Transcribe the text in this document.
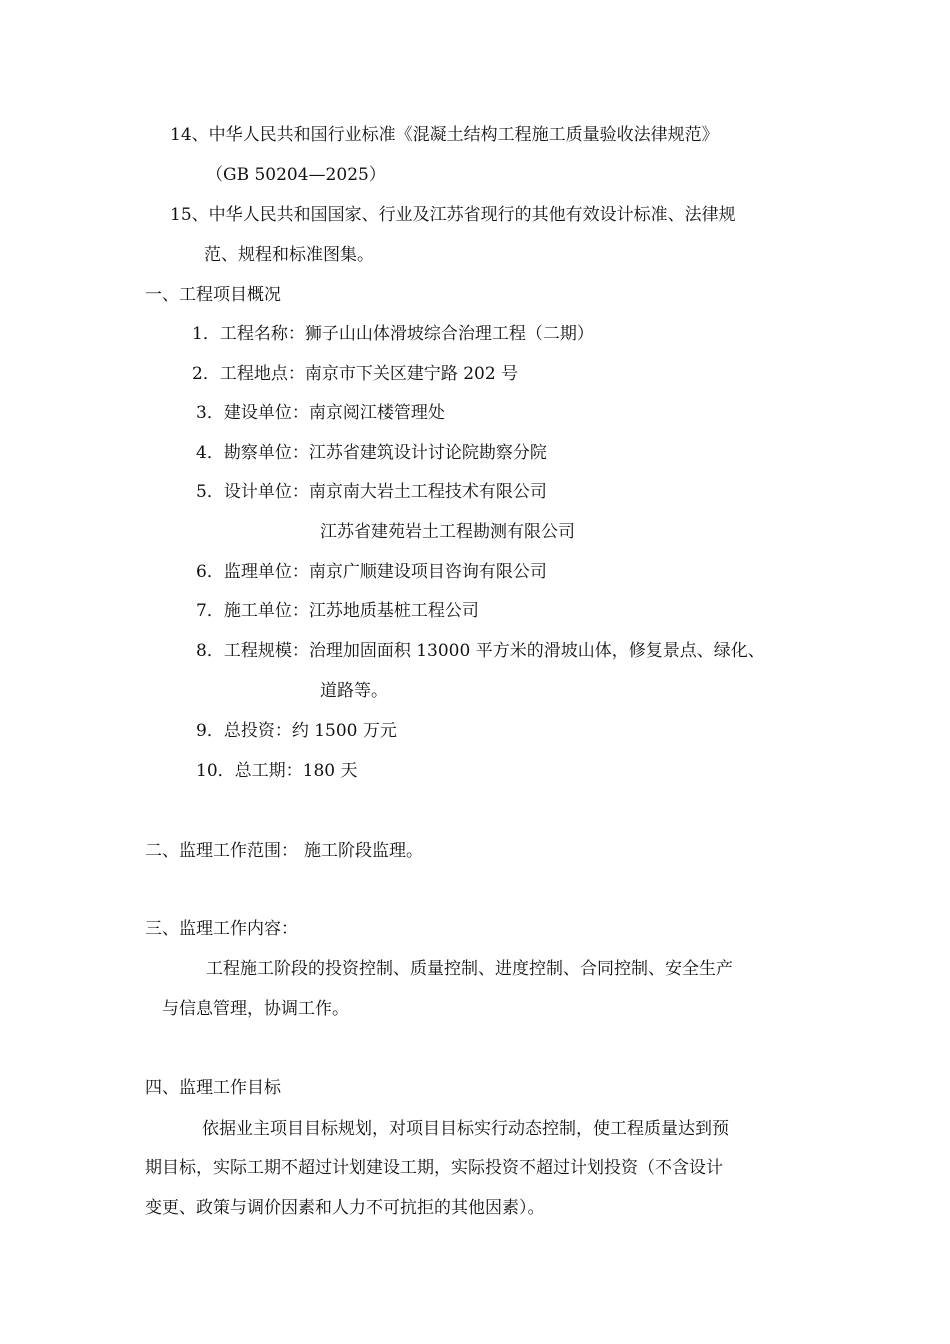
14、中华人民共和国行业标准《混凝土结构工程施工质量验收法律规范》
（GB 50204—2025）
15、中华人民共和国国家、行业及江苏省现行的其他有效设计标准、法律规
范、规程和标准图集。
一、工程项目概况
1．工程名称：狮子山山体滑坡综合治理工程（二期）
2．工程地点：南京市下关区建宁路 202 号
3．建设单位：南京阅江楼管理处
4．勘察单位：江苏省建筑设计讨论院勘察分院
5．设计单位：南京南大岩土工程技术有限公司
江苏省建苑岩土工程勘测有限公司
6．监理单位：南京广顺建设项目咨询有限公司
7．施工单位：江苏地质基桩工程公司
8．工程规模：治理加固面积 13000 平方米的滑坡山体，修复景点、绿化、
道路等。
9．总投资：约 1500 万元
10．总工期：180 天
二、监理工作范围： 施工阶段监理。
三、监理工作内容：
工程施工阶段的投资控制、质量控制、进度控制、合同控制、安全生产
与信息管理，协调工作。
四、监理工作目标
依据业主项目目标规划，对项目目标实行动态控制，使工程质量达到预
期目标，实际工期不超过计划建设工期，实际投资不超过计划投资（不含设计
变更、政策与调价因素和人力不可抗拒的其他因素）。
